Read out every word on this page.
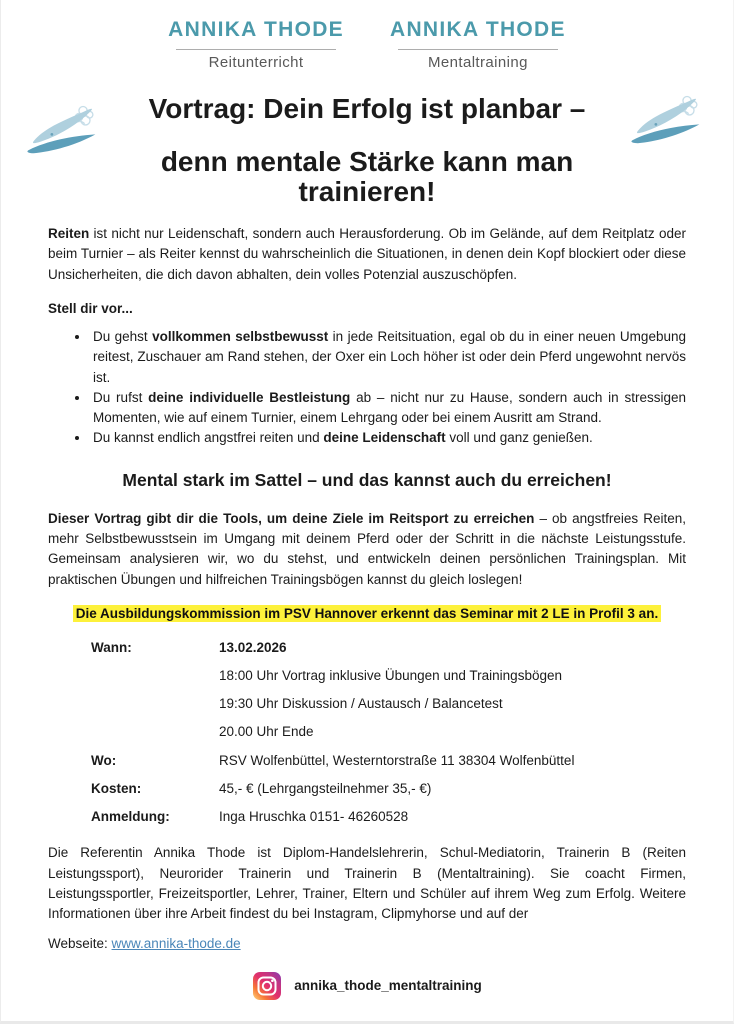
ANNIKA THODE
Reitunterricht
ANNIKA THODE
Mentaltraining
Vortrag: Dein Erfolg ist planbar –
denn mentale Stärke kann man trainieren!

Reiten ist nicht nur Leidenschaft, sondern auch Herausforderung. Ob im Gelände, auf dem Reitplatz oder beim Turnier – als Reiter kennst du wahrscheinlich die Situationen, in denen dein Kopf blockiert oder diese Unsicherheiten, die dich davon abhalten, dein volles Potenzial auszuschöpfen.

Stell dir vor...

• Du gehst vollkommen selbstbewusst in jede Reitsituation, egal ob du in einer neuen Umgebung reitest, Zuschauer am Rand stehen, der Oxer ein Loch höher ist oder dein Pferd ungewohnt nervös ist.
• Du rufst deine individuelle Bestleistung ab – nicht nur zu Hause, sondern auch in stressigen Momenten, wie auf einem Turnier, einem Lehrgang oder bei einem Ausritt am Strand.
• Du kannst endlich angstfrei reiten und deine Leidenschaft voll und ganz genießen.
Mental stark im Sattel – und das kannst auch du erreichen!

Dieser Vortrag gibt dir die Tools, um deine Ziele im Reitsport zu erreichen – ob angstfreies Reiten, mehr Selbstbewusstsein im Umgang mit deinem Pferd oder der Schritt in die nächste Leistungsstufe. Gemeinsam analysieren wir, wo du stehst, und entwickeln deinen persönlichen Trainingsplan. Mit praktischen Übungen und hilfreichen Trainingsbögen kannst du gleich loslegen!

Die Ausbildungskommission im PSV Hannover erkennt das Seminar mit 2 LE in Profil 3 an.

Wann:	13.02.2026
18:00 Uhr Vortrag inklusive Übungen und Trainingsbögen
19:30 Uhr Diskussion / Austausch / Balancetest
20.00 Uhr Ende
Wo:	RSV Wolfenbüttel, Westerntorstraße 11 38304 Wolfenbüttel
Kosten:	45,- € (Lehrgangsteilnehmer 35,- €)
Anmeldung:	Inga Hruschka 0151- 46260528

Die Referentin Annika Thode ist Diplom-Handelslehrerin, Schul-Mediatorin, Trainerin B (Reiten Leistungssport), Neurorider Trainerin und Trainerin B (Mentaltraining). Sie coacht Firmen, Leistungssportler, Freizeitsportler, Lehrer, Trainer, Eltern und Schüler auf ihrem Weg zum Erfolg. Weitere Informationen über ihre Arbeit findest du bei Instagram, Clipmyhorse und auf der

Webseite: www.annika-thode.de

annika_thode_mentaltraining
